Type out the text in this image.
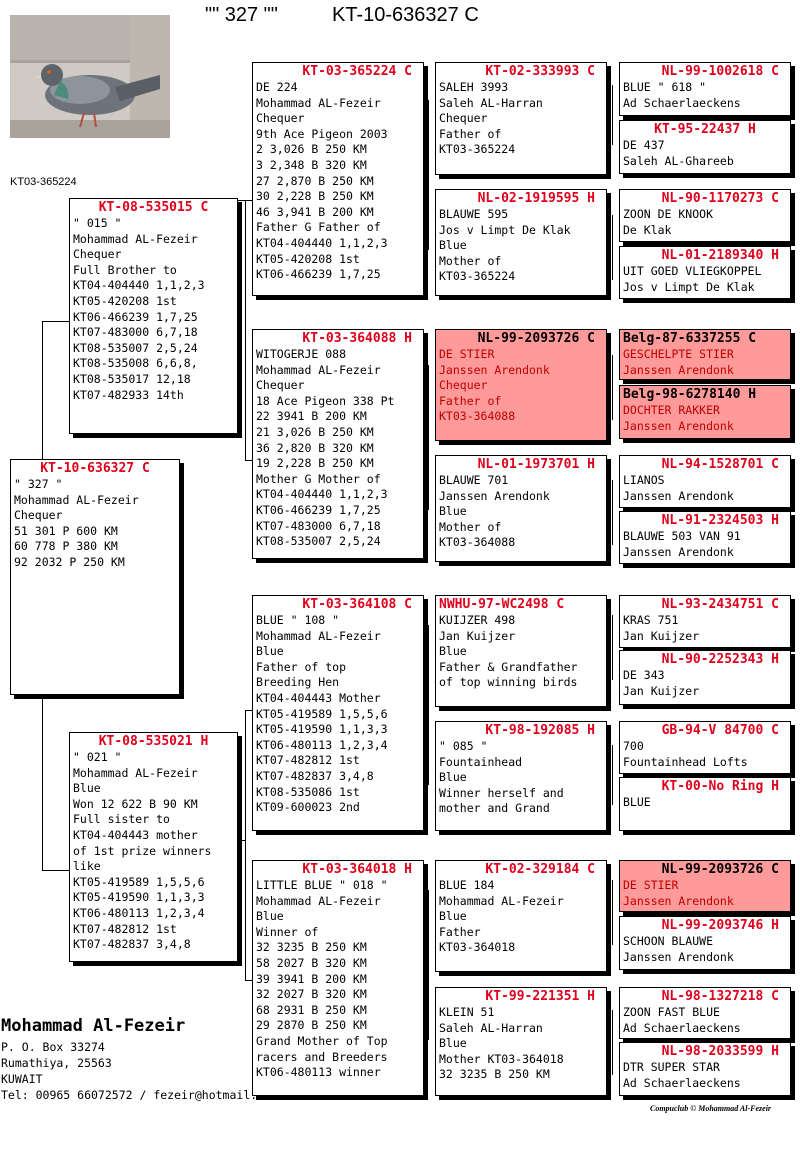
"" 327 ""	KT-10-636327 C
KT03-365224
KT-10-636327 C
" 327 "
Mohammad AL-Fezeir
Chequer
51 301 P 600 KM
60 778 P 380 KM
92 2032 P 250 KM
KT-08-535015 C
" 015 "
Mohammad AL-Fezeir
Chequer
Full Brother to
KT04-404440 1,1,2,3
KT05-420208 1st
KT06-466239 1,7,25
KT07-483000 6,7,18
KT08-535007 2,5,24
KT08-535008 6,6,8,
KT08-535017 12,18
KT07-482933 14th
KT-08-535021 H
" 021 "
Mohammad AL-Fezeir
Blue
Won 12 622 B 90 KM
Full sister to
KT04-404443 mother
of 1st prize winners
like
KT05-419589 1,5,5,6
KT05-419590 1,1,3,3
KT06-480113 1,2,3,4
KT07-482812 1st
KT07-482837 3,4,8
KT-03-365224 C
DE 224
Mohammad AL-Fezeir
Chequer
9th Ace Pigeon 2003
2 3,026 B 250 KM
3 2,348 B 320 KM
27 2,870 B 250 KM
30 2,228 B 250 KM
46 3,941 B 200 KM
Father G Father of
KT04-404440 1,1,2,3
KT05-420208 1st
KT06-466239 1,7,25
KT-03-364088 H
WITOGERJE 088
Mohammad AL-Fezeir
Chequer
18 Ace Pigeon 338 Pt
22 3941 B 200 KM
21 3,026 B 250 KM
36 2,820 B 320 KM
19 2,228 B 250 KM
Mother G Mother of
KT04-404440 1,1,2,3
KT06-466239 1,7,25
KT07-483000 6,7,18
KT08-535007 2,5,24
KT-03-364108 C
BLUE " 108 "
Mohammad AL-Fezeir
Blue
Father of top
Breeding Hen
KT04-404443 Mother
KT05-419589 1,5,5,6
KT05-419590 1,1,3,3
KT06-480113 1,2,3,4
KT07-482812 1st
KT07-482837 3,4,8
KT08-535086 1st
KT09-600023 2nd
KT-03-364018 H
LITTLE BLUE " 018 "
Mohammad AL-Fezeir
Blue
Winner of
32 3235 B 250 KM
58 2027 B 320 KM
39 3941 B 200 KM
32 2027 B 320 KM
68 2931 B 250 KM
29 2870 B 250 KM
Grand Mother of Top
racers and Breeders
KT06-480113 winner
KT-02-333993 C
SALEH 3993
Saleh AL-Harran
Chequer
Father of
KT03-365224
NL-02-1919595 H
BLAUWE 595
Jos v Limpt De Klak
Blue
Mother of
KT03-365224
NL-99-2093726 C
DE STIER
Janssen Arendonk
Chequer
Father of
KT03-364088
NL-01-1973701 H
BLAUWE 701
Janssen Arendonk
Blue
Mother of
KT03-364088
NWHU-97-WC2498 C
KUIJZER 498
Jan Kuijzer
Blue
Father & Grandfather
of top winning birds
KT-98-192085 H
" 085 "
Fountainhead
Blue
Winner herself and
mother and Grand
KT-02-329184 C
BLUE 184
Mohammad AL-Fezeir
Blue
Father
KT03-364018
KT-99-221351 H
KLEIN 51
Saleh AL-Harran
Blue
Mother KT03-364018
32 3235 B 250 KM
NL-99-1002618 C
BLUE " 618 "
Ad Schaerlaeckens
KT-95-22437 H
DE 437
Saleh AL-Ghareeb
NL-90-1170273 C
ZOON DE KNOOK
De Klak
NL-01-2189340 H
UIT GOED VLIEGKOPPEL
Jos v Limpt De Klak
Belg-87-6337255 C
GESCHELPTE STIER
Janssen Arendonk
Belg-98-6278140 H
DOCHTER RAKKER
Janssen Arendonk
NL-94-1528701 C
LIANOS
Janssen Arendonk
NL-91-2324503 H
BLAUWE 503 VAN 91
Janssen Arendonk
NL-93-2434751 C
KRAS 751
Jan Kuijzer
NL-90-2252343 H
DE 343
Jan Kuijzer
GB-94-V 84700 C
700
Fountainhead Lofts
KT-00-No Ring H
BLUE
NL-99-2093726 C
DE STIER
Janssen Arendonk
NL-99-2093746 H
SCHOON BLAUWE
Janssen Arendonk
NL-98-1327218 C
ZOON FAST BLUE
Ad Schaerlaeckens
NL-98-2033599 H
DTR SUPER STAR
Ad Schaerlaeckens
Mohammad Al-Fezeir
P. O. Box 33274
Rumathiya, 25563
KUWAIT
Tel: 00965 66072572 / fezeir@hotmail.
Compuclub © Mohammad Al-Fezeir
